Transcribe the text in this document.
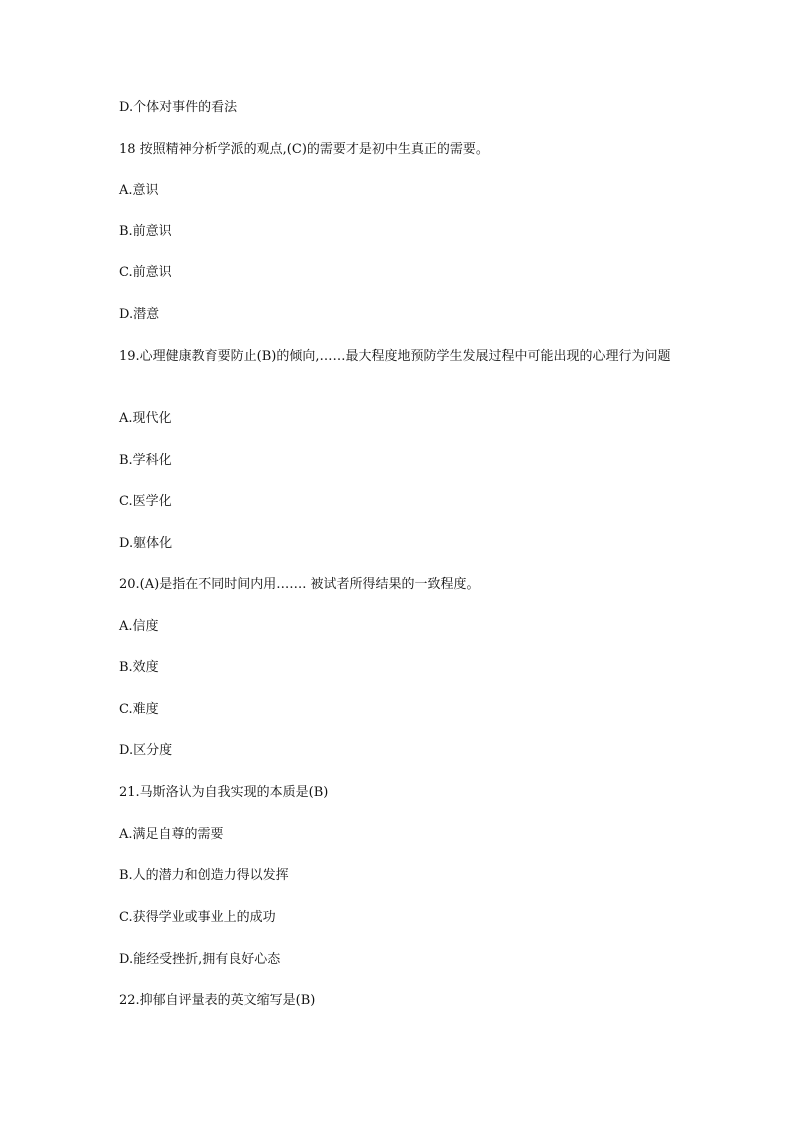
D.个体对事件的看法
18 按照精神分析学派的观点,(C)的需要才是初中生真正的需要。
A.意识
B.前意识
C.前意识
D.潜意
19.心理健康教育要防止(B)的倾向,……最大程度地预防学生发展过程中可能出现的心理行为问题
A.现代化
B.学科化
C.医学化
D.躯体化
20.(A)是指在不同时间内用……. 被试者所得结果的一致程度。
A.信度
B.效度
C.难度
D.区分度
21.马斯洛认为自我实现的本质是(B)
A.满足自尊的需要
B.人的潜力和创造力得以发挥
C.获得学业或事业上的成功
D.能经受挫折,拥有良好心态
22.抑郁自评量表的英文缩写是(B)
